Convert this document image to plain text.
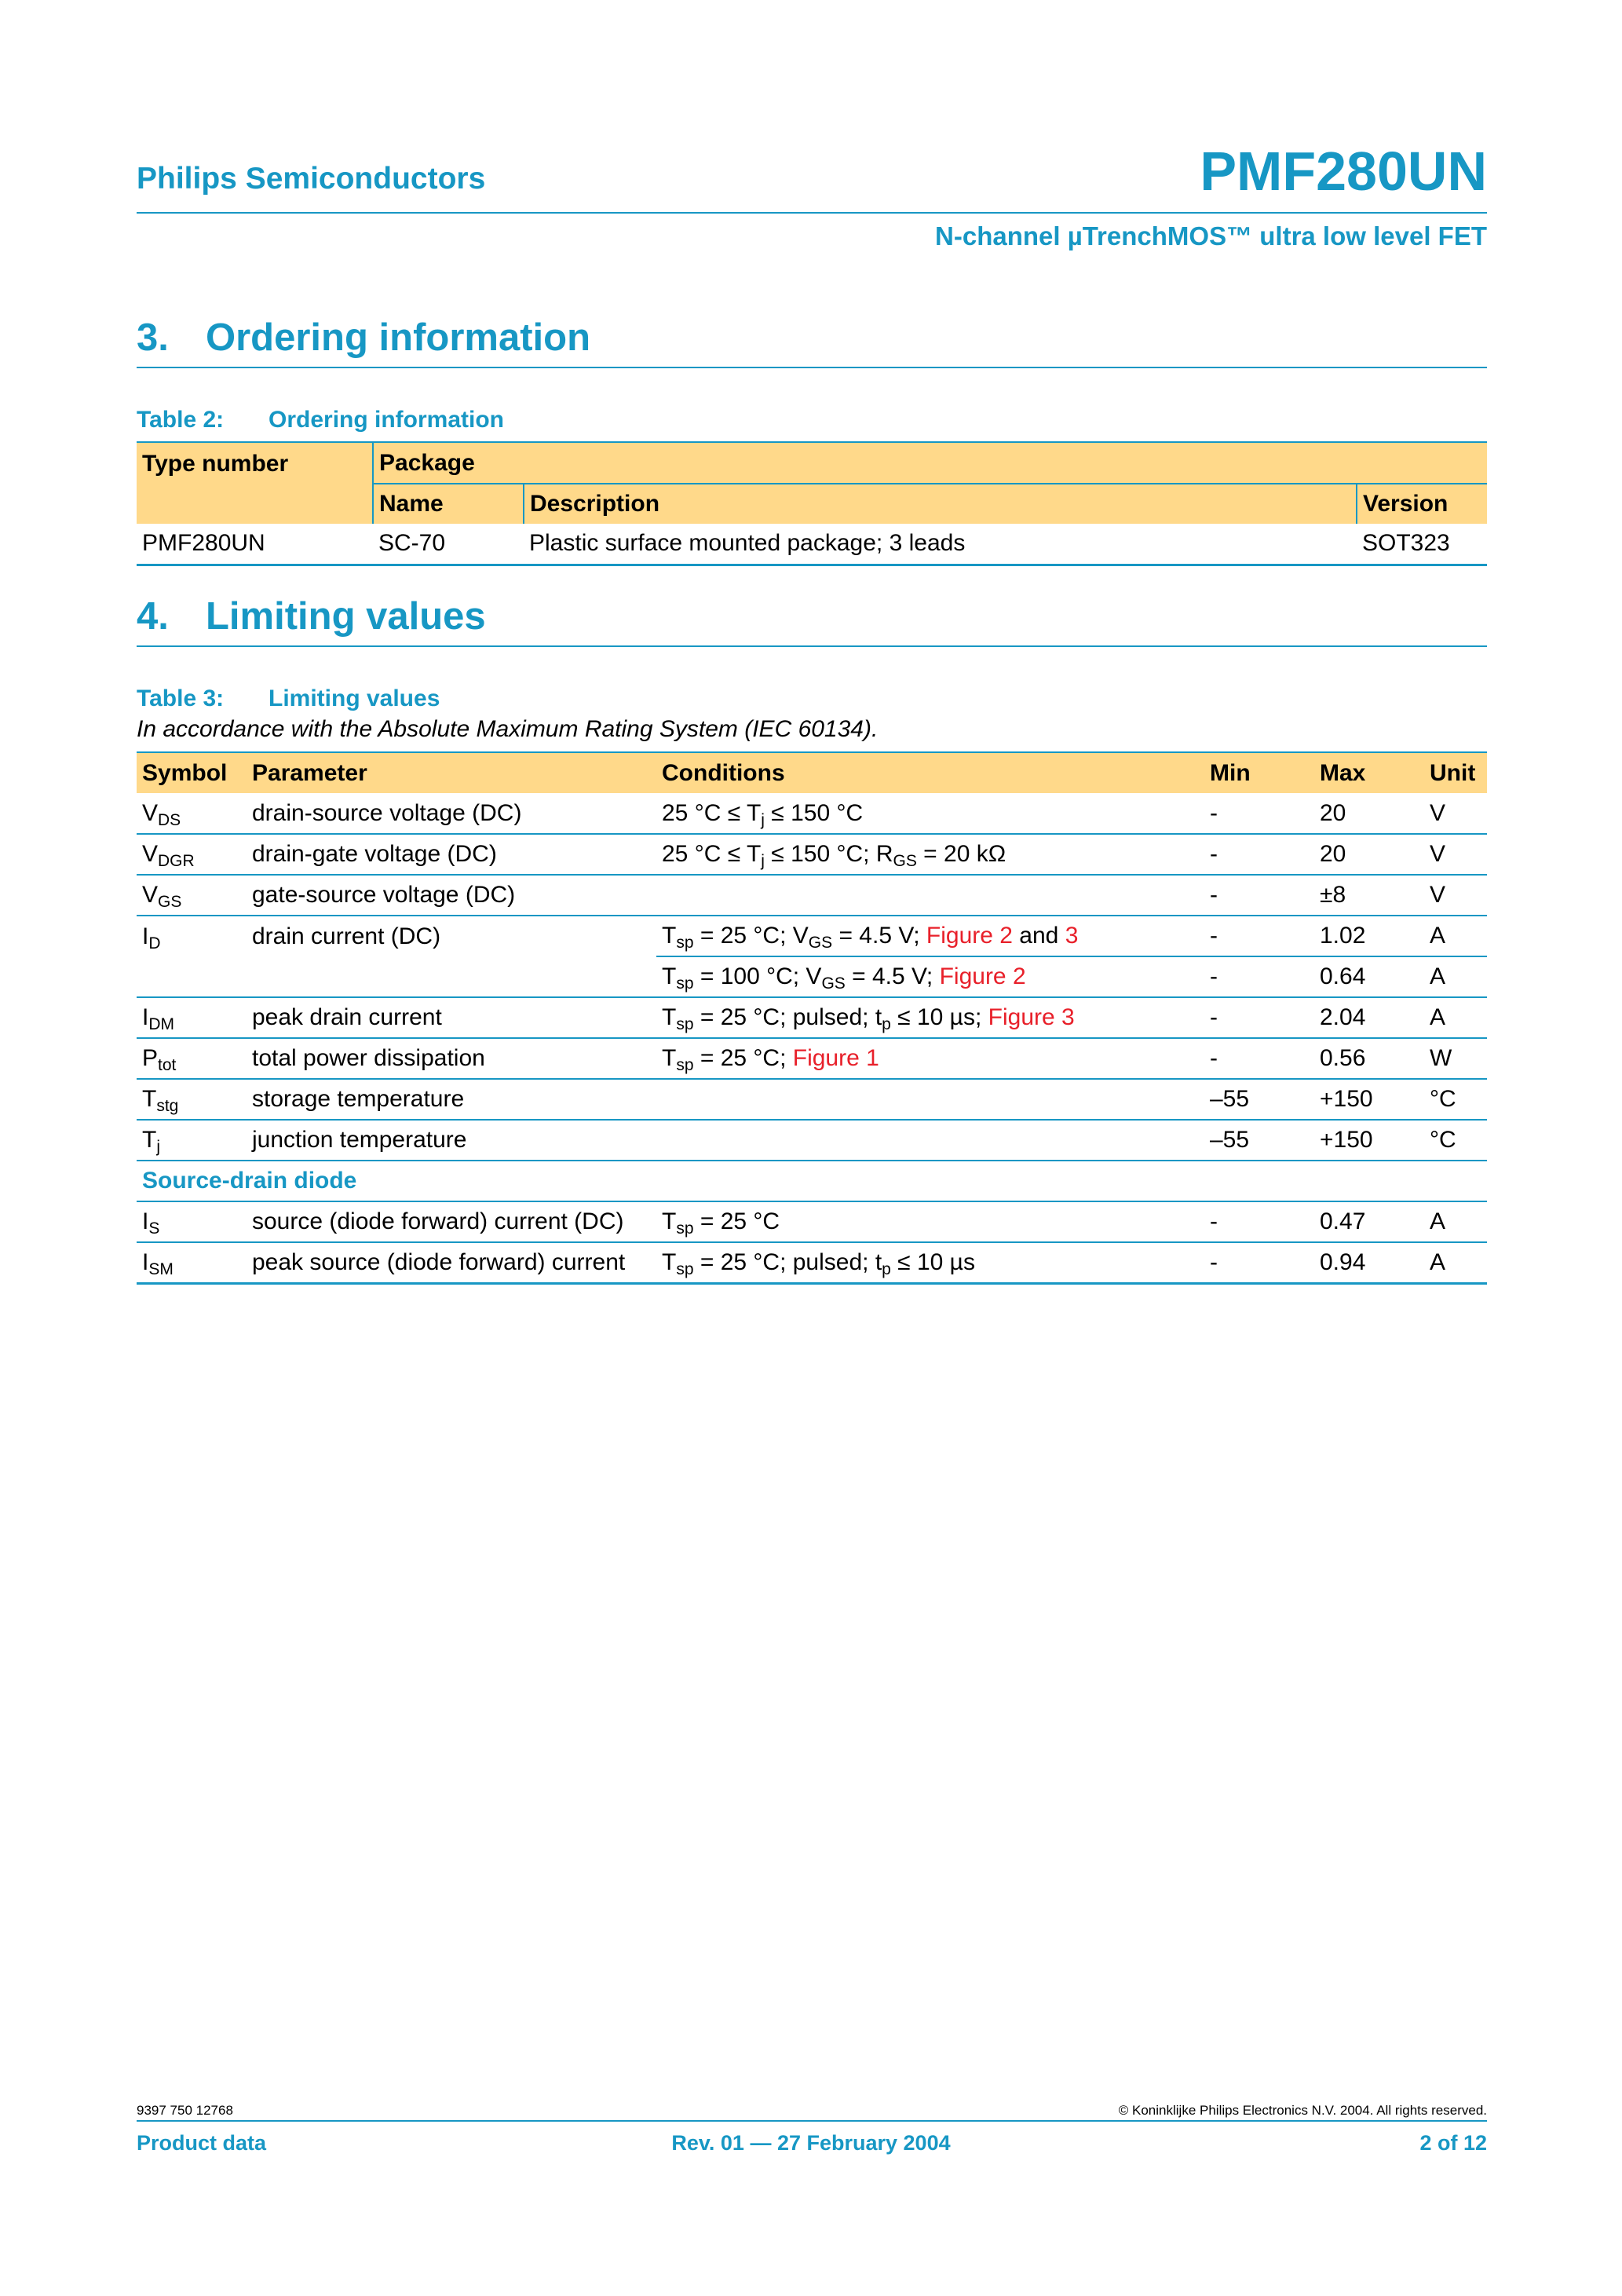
Philips Semiconductors	PMF280UN
N-channel µTrenchMOS™ ultra low level FET
3. Ordering information
Table 2: Ordering information
Type number	Package		
	Name	Description	Version
PMF280UN	SC-70	Plastic surface mounted package; 3 leads	SOT323
4. Limiting values
Table 3: Limiting values
In accordance with the Absolute Maximum Rating System (IEC 60134).
Symbol	Parameter	Conditions	Min	Max	Unit
$V_{DS}$	drain-source voltage (DC)	25 $^\circ C \le T_j \le 150$ °C	-	20	V
$V_{DGR}$	drain-gate voltage (DC)	25 $^\circ C \le T_j \le 150$ °C; $R_{GS} = 20$ kΩ	-	20	V
$V_{GS}$	gate-source voltage (DC)		-	±8	V
$I_D$	drain current (DC)	$T_{sp} = 25$ °C; $V_{GS} = 4.5$ V; Figure 2 and 3	-	1.02	A
		$T_{sp} = 100$ °C; $V_{GS} = 4.5$ V; Figure 2	-	0.64	A
$I_{DM}$	peak drain current	$T_{sp} = 25$ °C; pulsed; $t_p \le 10$ µs; Figure 3	-	2.04	A
$P_{tot}$	total power dissipation	$T_{sp} = 25$ °C; Figure 1	-	0.56	W
$T_{stg}$	storage temperature		–55	+150	°C
$T_j$	junction temperature		–55	+150	°C
Source-drain diode					
$I_S$	source (diode forward) current (DC)	$T_{sp} = 25$ °C	-	0.47	A
$I_{SM}$	peak source (diode forward) current	$T_{sp} = 25$ °C; pulsed; $t_p \le 10$ µs	-	0.94	A
9397 750 12768	© Koninklijke Philips Electronics N.V. 2004. All rights reserved.
Product data	Rev. 01 — 27 February 2004	2 of 12
